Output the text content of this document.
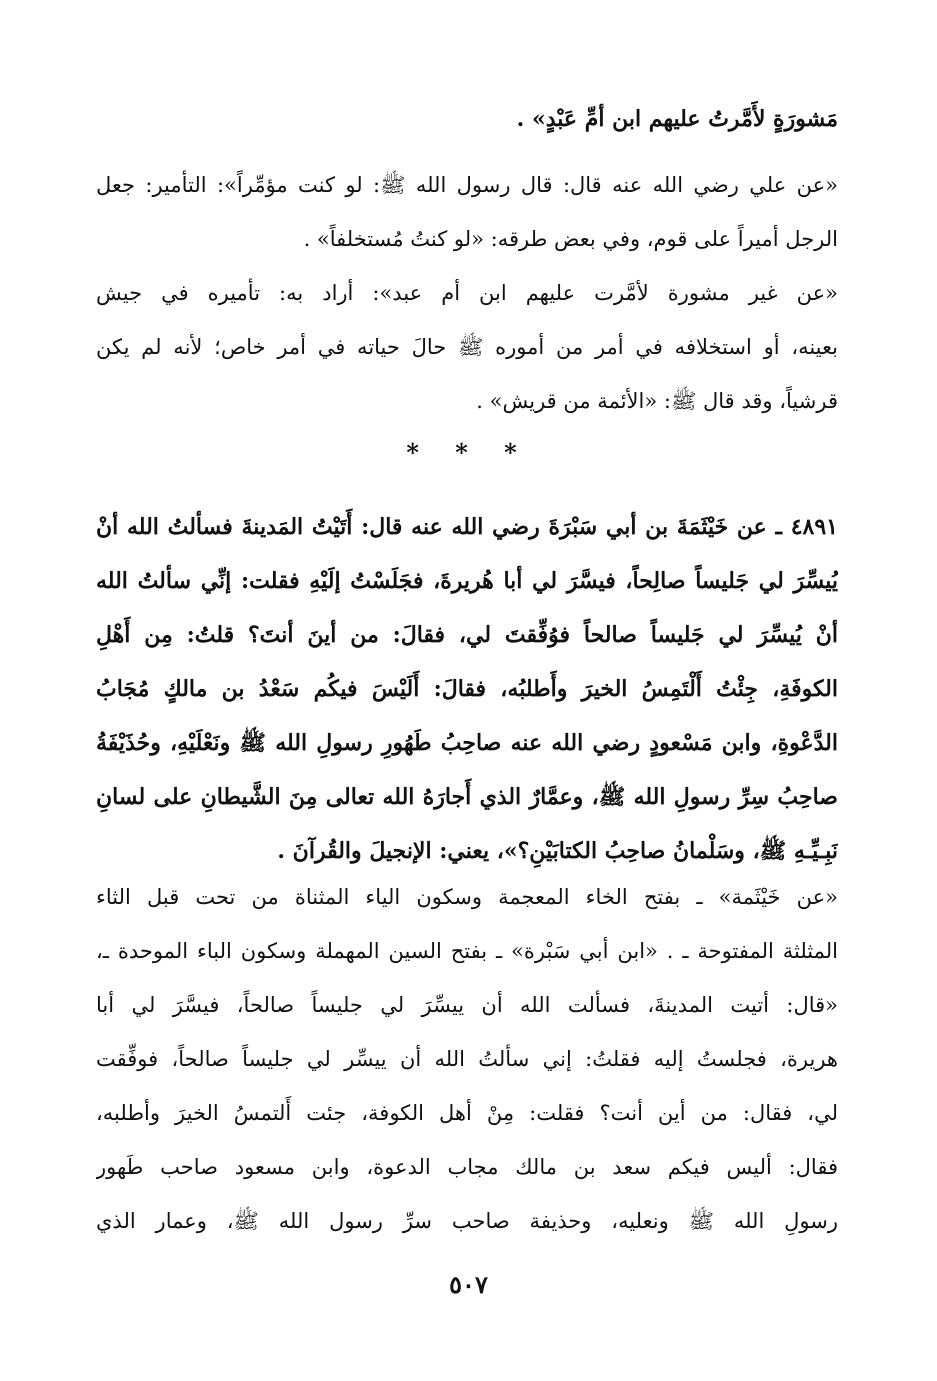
مَشورَةٍ لأَمَّرتُ عليهم ابن أمِّ عَبْدٍ» .
«عن علي رضي الله عنه قال: قال رسول الله ﷺ: لو كنت مؤمِّراً»: التأمير: جعل
الرجل أميراً على قوم، وفي بعض طرقه: «لو كنتُ مُستخلفاً» .
«عن غير مشورة لأمَّرت عليهم ابن أم عبد»: أراد به: تأميره في جيش
بعينه، أو استخلافه في أمر من أموره ﷺ حالَ حياته في أمر خاص؛ لأنه لم يكن
قرشياً، وقد قال ﷺ: «الأئمة من قريش» .
* * *
٤٨٩١ ـ عن خَيْثَمَةَ بن أبي سَبْرَةَ رضي الله عنه قال: أَتَيْتُ المَدينةَ فسألتُ الله أنْ
يُيسِّرَ لي جَليساً صالِحاً، فيسَّرَ لي أبا هُريرةَ، فجَلَسْتُ إلَيْهِ فقلت: إنِّي سألتُ الله
أنْ يُيسِّرَ لي جَليساً صالحاً فوُفِّقتَ لي، فقالَ: من أينَ أنتَ؟ قلتُ: مِن أَهْلِ
الكوفَةِ، جِئْتُ أَلْتَمِسُ الخيرَ وأَطلبُه، فقالَ: أَلَيْسَ فيكُم سَعْدُ بن مالكٍ مُجَابُ
الدَّعْوةِ، وابن مَسْعودٍ رضي الله عنه صاحِبُ طَهُورِ رسولِ الله ﷺ ونَعْلَيْهِ، وحُذَيْفَةُ
صاحِبُ سِرِّ رسولِ الله ﷺ، وعمَّارٌ الذي أَجارَهُ الله تعالى مِنَ الشَّيطانِ على لسانِ
نَبِـيِّـهِ ﷺ، وسَلْمانُ صاحِبُ الكتابَيْنِ؟»، يعني: الإنجيلَ والقُرآنَ .
«عن خَيْثَمة» ـ بفتح الخاء المعجمة وسكون الياء المثناة من تحت قبل الثاء
المثلثة المفتوحة ـ . «ابن أبي سَبْرة» ـ بفتح السين المهملة وسكون الباء الموحدة ـ،
«قال: أتيت المدينةَ، فسألت الله أن ييسِّرَ لي جليساً صالحاً، فيسَّرَ لي أبا
هريرة، فجلستُ إليه فقلتُ: إني سألتُ الله أن ييسِّر لي جليساً صالحاً، فوفِّقت
لي، فقال: من أين أنت؟ فقلت: مِنْ أهل الكوفة، جئت أَلتمسُ الخيرَ وأطلبه،
فقال: أليس فيكم سعد بن مالك مجاب الدعوة، وابن مسعود صاحب طَهور
رسولِ الله ﷺ ونعليه، وحذيفة صاحب سرِّ رسول الله ﷺ، وعمار الذي
٥٠٧
